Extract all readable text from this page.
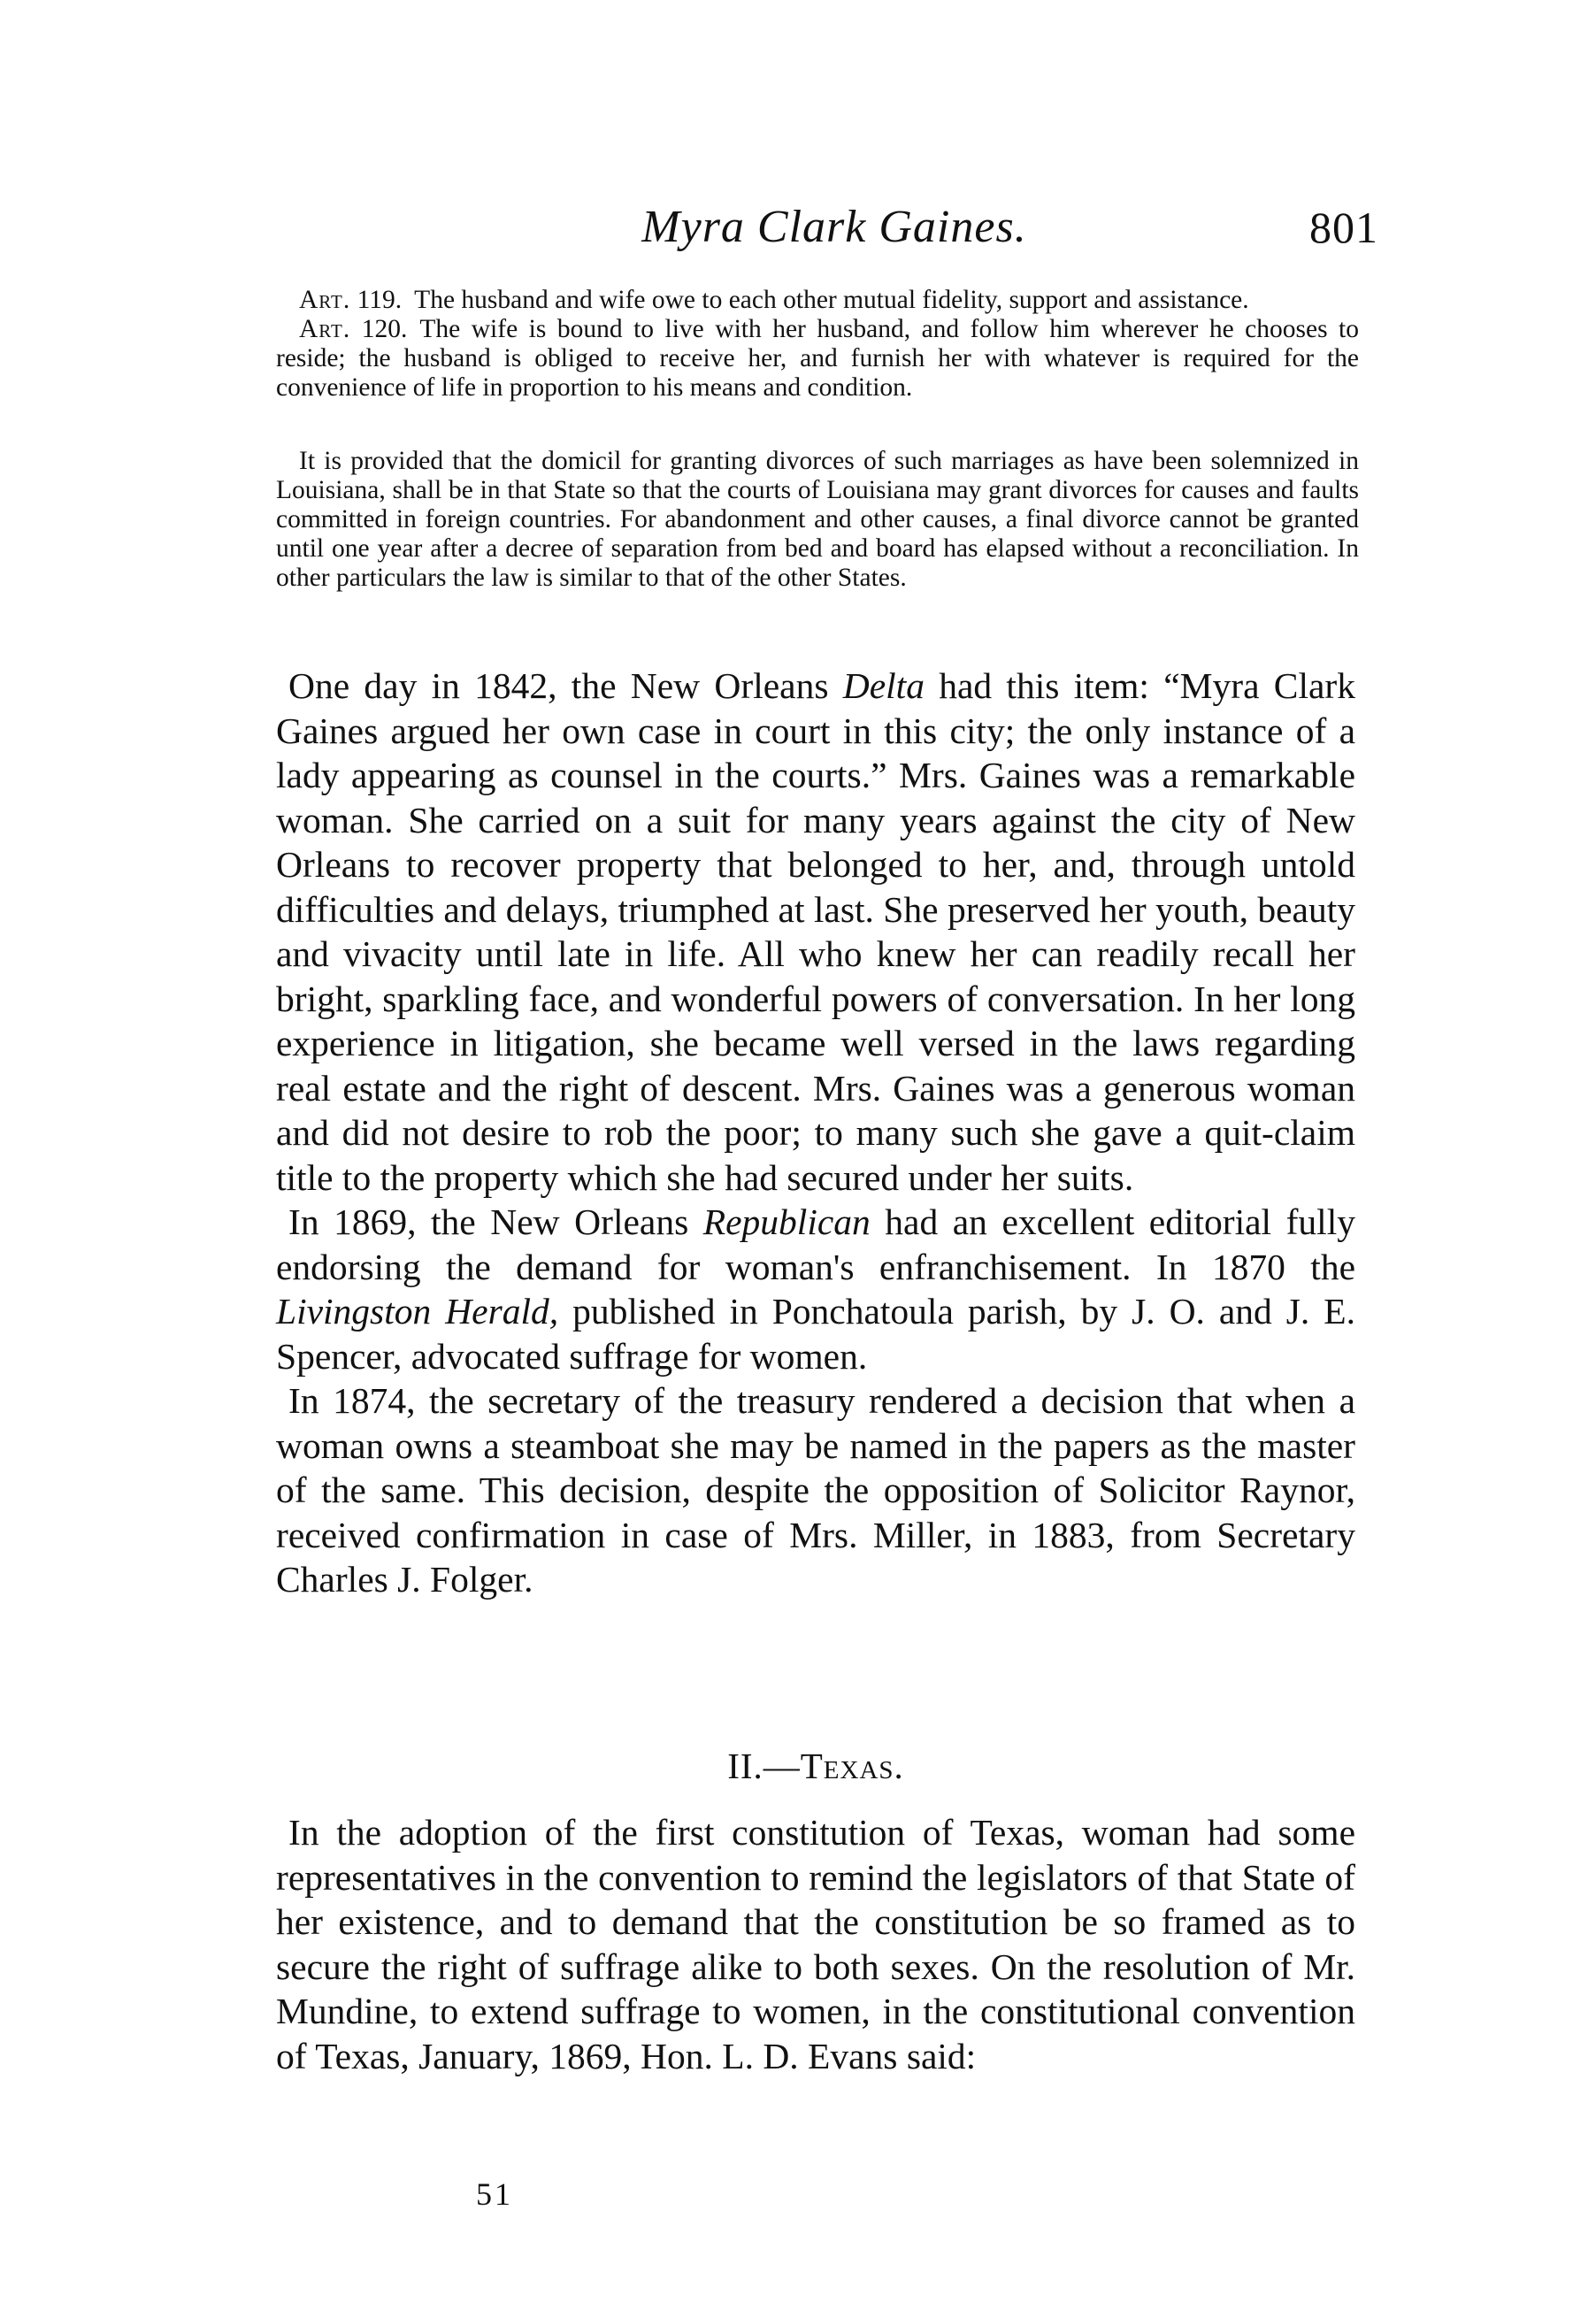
Myra Clark Gaines.	801

Art. 119. The husband and wife owe to each other mutual fidelity, support and assistance.

Art. 120. The wife is bound to live with her husband, and follow him wherever he chooses to reside; the husband is obliged to receive her, and furnish her with whatever is required for the convenience of life in proportion to his means and condition.

It is provided that the domicil for granting divorces of such marriages as have been solemnized in Louisiana, shall be in that State so that the courts of Louisiana may grant divorces for causes and faults committed in foreign countries. For abandonment and other causes, a final divorce cannot be granted until one year after a decree of separation from bed and board has elapsed without a reconciliation. In other particulars the law is similar to that of the other States.

One day in 1842, the New Orleans Delta had this item: “Myra Clark Gaines argued her own case in court in this city; the only instance of a lady appearing as counsel in the courts.” Mrs. Gaines was a remarkable woman. She carried on a suit for many years against the city of New Orleans to recover property that belonged to her, and, through untold difficulties and delays, triumphed at last. She preserved her youth, beauty and vivacity until late in life. All who knew her can readily recall her bright, sparkling face, and wonderful powers of conversation. In her long experience in litigation, she became well versed in the laws regarding real estate and the right of descent. Mrs. Gaines was a generous woman and did not desire to rob the poor; to many such she gave a quit-claim title to the property which she had secured under her suits.

In 1869, the New Orleans Republican had an excellent editorial fully endorsing the demand for woman's enfranchisement. In 1870 the Livingston Herald, published in Ponchatoula parish, by J. O. and J. E. Spencer, advocated suffrage for women.

In 1874, the secretary of the treasury rendered a decision that when a woman owns a steamboat she may be named in the papers as the master of the same. This decision, despite the opposition of Solicitor Raynor, received confirmation in case of Mrs. Miller, in 1883, from Secretary Charles J. Folger.

II.—Texas.

In the adoption of the first constitution of Texas, woman had some representatives in the convention to remind the legislators of that State of her existence, and to demand that the constitution be so framed as to secure the right of suffrage alike to both sexes. On the resolution of Mr. Mundine, to extend suffrage to women, in the constitutional convention of Texas, January, 1869, Hon. L. D. Evans said:

51
